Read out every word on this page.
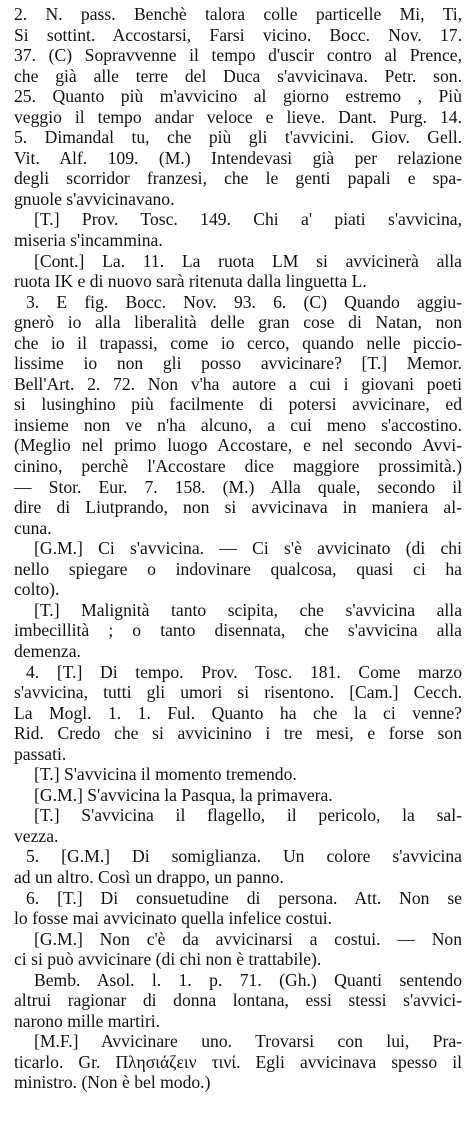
2. N. pass. Benchè talora colle particelle Mi, Ti,
Si sottint. Accostarsi, Farsi vicino. Bocc. Nov. 17.
37. (C) Sopravvenne il tempo d'uscir contro al Prence,
che già alle terre del Duca s'avvicinava. Petr. son.
25. Quanto più m'avvicino al giorno estremo , Più
veggio il tempo andar veloce e lieve. Dant. Purg. 14.
5. Dimandal tu, che più gli t'avvicini. Giov. Gell.
Vit. Alf. 109. (M.) Intendevasi già per relazione
degli scorridor franzesi, che le genti papali e spa-
gnuole s'avvicinavano.
[T.] Prov. Tosc. 149. Chi a' piati s'avvicina,
miseria s'incammina.
[Cont.] La. 11. La ruota LM si avvicinerà alla
ruota IK e di nuovo sarà ritenuta dalla linguetta L.
3. E fig. Bocc. Nov. 93. 6. (C) Quando aggiu-
gnerò io alla liberalità delle gran cose di Natan, non
che io il trapassi, come io cerco, quando nelle piccio-
lissime io non gli posso avvicinare? [T.] Memor.
Bell'Art. 2. 72. Non v'ha autore a cui i giovani poeti
si lusinghino più facilmente di potersi avvicinare, ed
insieme non ve n'ha alcuno, a cui meno s'accostino.
(Meglio nel primo luogo Accostare, e nel secondo Avvi-
cinino, perchè l'Accostare dice maggiore prossimità.)
— Stor. Eur. 7. 158. (M.) Alla quale, secondo il
dire di Liutprando, non si avvicinava in maniera al-
cuna.
[G.M.] Ci s'avvicina. — Ci s'è avvicinato (di chi
nello spiegare o indovinare qualcosa, quasi ci ha
colto).
[T.] Malignità tanto scipita, che s'avvicina alla
imbecillità ; o tanto disennata, che s'avvicina alla
demenza.
4. [T.] Di tempo. Prov. Tosc. 181. Come marzo
s'avvicina, tutti gli umori si risentono. [Cam.] Cecch.
La Mogl. 1. 1. Ful. Quanto ha che la ci venne?
Rid. Credo che si avvicinino i tre mesi, e forse son
passati.
[T.] S'avvicina il momento tremendo.
[G.M.] S'avvicina la Pasqua, la primavera.
[T.] S'avvicina il flagello, il pericolo, la sal-
vezza.
5. [G.M.] Di somiglianza. Un colore s'avvicina
ad un altro. Così un drappo, un panno.
6. [T.] Di consuetudine di persona. Att. Non se
lo fosse mai avvicinato quella infelice costui.
[G.M.] Non c'è da avvicinarsi a costui. — Non
ci si può avvicinare (di chi non è trattabile).
Bemb. Asol. l. 1. p. 71. (Gh.) Quanti sentendo
altrui ragionar di donna lontana, essi stessi s'avvici-
narono mille martiri.
[M.F.] Avvicinare uno. Trovarsi con lui, Pra-
ticarlo. Gr. Πλησιάζειν τινί. Egli avvicinava spesso il
ministro. (Non è bel modo.)
